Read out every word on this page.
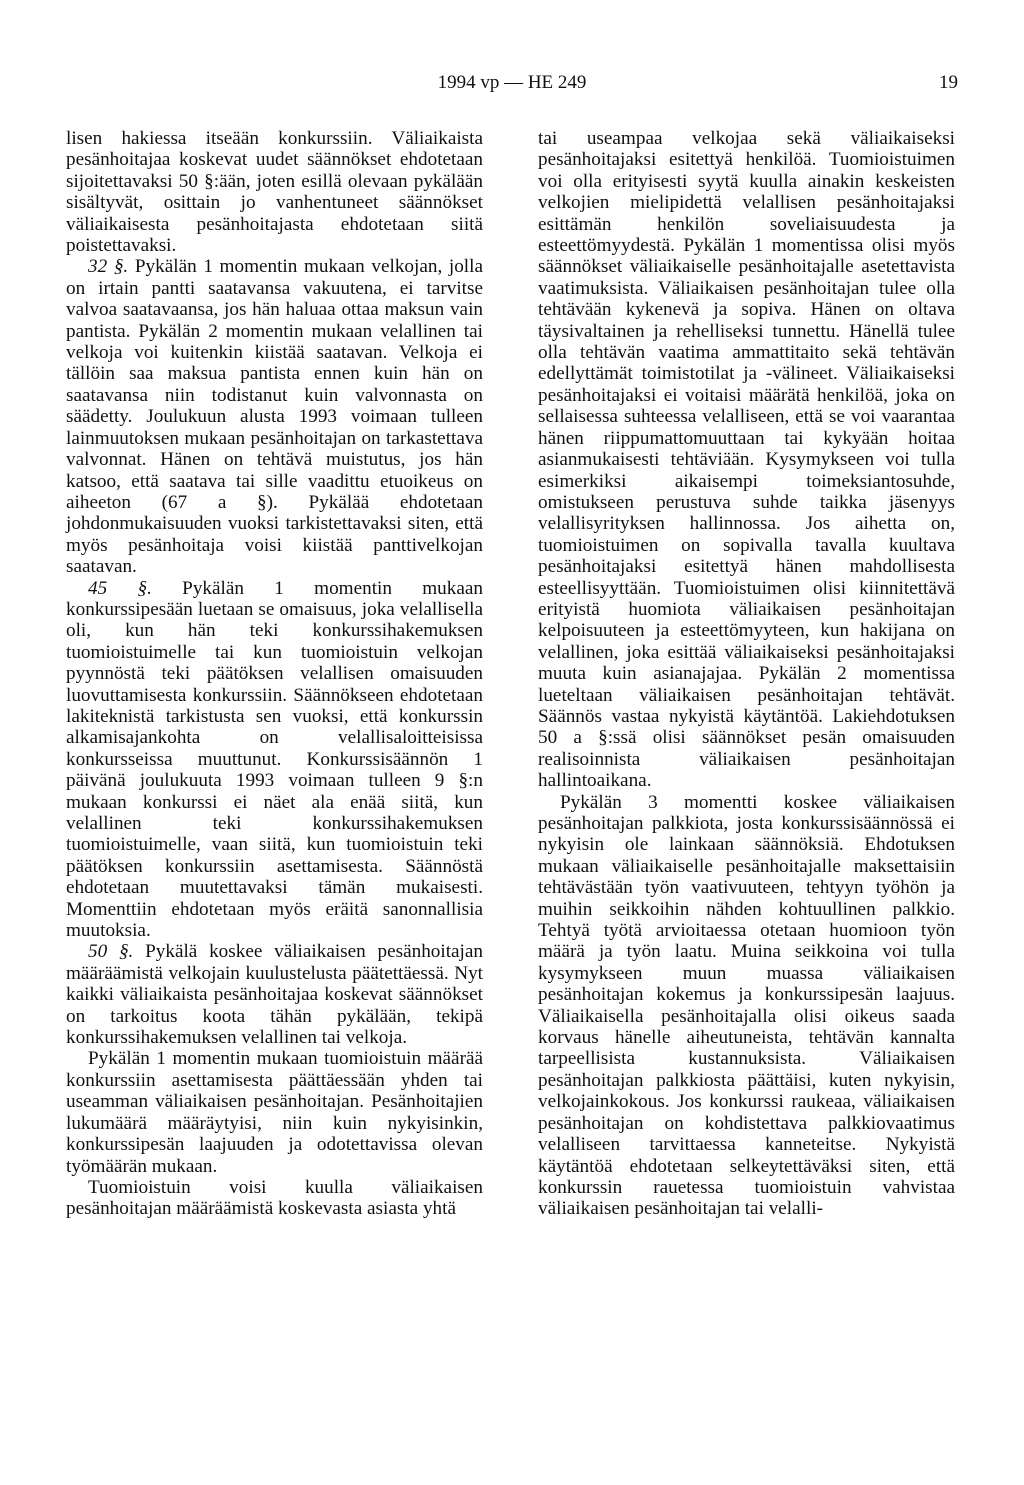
1994 vp — HE 249	19

lisen hakiessa itseään konkurssiin. Väliaikaista pesänhoitajaa koskevat uudet säännökset ehdotetaan sijoitettavaksi 50 §:ään, joten esillä olevaan pykälään sisältyvät, osittain jo vanhentuneet säännökset väliaikaisesta pesänhoitajasta ehdotetaan siitä poistettavaksi.

32 §. Pykälän 1 momentin mukaan velkojan, jolla on irtain pantti saatavansa vakuutena, ei tarvitse valvoa saatavaansa, jos hän haluaa ottaa maksun vain pantista. Pykälän 2 momentin mukaan velallinen tai velkoja voi kuitenkin kiistää saatavan. Velkoja ei tällöin saa maksua pantista ennen kuin hän on saatavansa niin todistanut kuin valvonnasta on säädetty. Joulukuun alusta 1993 voimaan tulleen lainmuutoksen mukaan pesänhoitajan on tarkastettava valvonnat. Hänen on tehtävä muistutus, jos hän katsoo, että saatava tai sille vaadittu etuoikeus on aiheeton (67 a §). Pykälää ehdotetaan johdonmukaisuuden vuoksi tarkistettavaksi siten, että myös pesänhoitaja voisi kiistää panttivelkojan saatavan.

45 §. Pykälän 1 momentin mukaan konkurssipesään luetaan se omaisuus, joka velallisella oli, kun hän teki konkurssihakemuksen tuomioistuimelle tai kun tuomioistuin velkojan pyynnöstä teki päätöksen velallisen omaisuuden luovuttamisesta konkurssiin. Säännökseen ehdotetaan lakiteknistä tarkistusta sen vuoksi, että konkurssin alkamisajankohta on velallisaloitteisissa konkursseissa muuttunut. Konkurssisäännön 1 päivänä joulukuuta 1993 voimaan tulleen 9 §:n mukaan konkurssi ei näet ala enää siitä, kun velallinen teki konkurssihakemuksen tuomioistuimelle, vaan siitä, kun tuomioistuin teki päätöksen konkurssiin asettamisesta. Säännöstä ehdotetaan muutettavaksi tämän mukaisesti. Momenttiin ehdotetaan myös eräitä sanonnallisia muutoksia.

50 §. Pykälä koskee väliaikaisen pesänhoitajan määräämistä velkojain kuulustelusta päätettäessä. Nyt kaikki väliaikaista pesänhoitajaa koskevat säännökset on tarkoitus koota tähän pykälään, tekipä konkurssihakemuksen velallinen tai velkoja.

Pykälän 1 momentin mukaan tuomioistuin määrää konkurssiin asettamisesta päättäessään yhden tai useamman väliaikaisen pesänhoitajan. Pesänhoitajien lukumäärä määräytyisi, niin kuin nykyisinkin, konkurssipesän laajuuden ja odotettavissa olevan työmäärän mukaan.

Tuomioistuin voisi kuulla väliaikaisen pesänhoitajan määräämistä koskevasta asiasta yhtä

tai useampaa velkojaa sekä väliaikaiseksi pesänhoitajaksi esitettyä henkilöä. Tuomioistuimen voi olla erityisesti syytä kuulla ainakin keskeisten velkojien mielipidettä velallisen pesänhoitajaksi esittämän henkilön soveliaisuudesta ja esteettömyydestä. Pykälän 1 momentissa olisi myös säännökset väliaikaiselle pesänhoitajalle asetettavista vaatimuksista. Väliaikaisen pesänhoitajan tulee olla tehtävään kykenevä ja sopiva. Hänen on oltava täysivaltainen ja rehelliseksi tunnettu. Hänellä tulee olla tehtävän vaatima ammattitaito sekä tehtävän edellyttämät toimistotilat ja -välineet. Väliaikaiseksi pesänhoitajaksi ei voitaisi määrätä henkilöä, joka on sellaisessa suhteessa velalliseen, että se voi vaarantaa hänen riippumattomuuttaan tai kykyään hoitaa asianmukaisesti tehtäviään. Kysymykseen voi tulla esimerkiksi aikaisempi toimeksiantosuhde, omistukseen perustuva suhde taikka jäsenyys velallisyrityksen hallinnossa. Jos aihetta on, tuomioistuimen on sopivalla tavalla kuultava pesänhoitajaksi esitettyä hänen mahdollisesta esteellisyyttään. Tuomioistuimen olisi kiinnitettävä erityistä huomiota väliaikaisen pesänhoitajan kelpoisuuteen ja esteettömyyteen, kun hakijana on velallinen, joka esittää väliaikaiseksi pesänhoitajaksi muuta kuin asianajajaa. Pykälän 2 momentissa lueteltaan väliaikaisen pesänhoitajan tehtävät. Säännös vastaa nykyistä käytäntöä. Lakiehdotuksen 50 a §:ssä olisi säännökset pesän omaisuuden realisoinnista väliaikaisen pesänhoitajan hallintoaikana.

Pykälän 3 momentti koskee väliaikaisen pesänhoitajan palkkiota, josta konkurssisäännössä ei nykyisin ole lainkaan säännöksiä. Ehdotuksen mukaan väliaikaiselle pesänhoitajalle maksettaisiin tehtävästään työn vaativuuteen, tehtyyn työhön ja muihin seikkoihin nähden kohtuullinen palkkio. Tehtyä työtä arvioitaessa otetaan huomioon työn määrä ja työn laatu. Muina seikkoina voi tulla kysymykseen muun muassa väliaikaisen pesänhoitajan kokemus ja konkurssipesän laajuus. Väliaikaisella pesänhoitajalla olisi oikeus saada korvaus hänelle aiheutuneista, tehtävän kannalta tarpeellisista kustannuksista. Väliaikaisen pesänhoitajan palkkiosta päättäisi, kuten nykyisin, velkojainkokous. Jos konkurssi raukeaa, väliaikaisen pesänhoitajan on kohdistettava palkkiovaatimus velalliseen tarvittaessa kanneteitse. Nykyistä käytäntöä ehdotetaan selkeytettäväksi siten, että konkurssin rauetessa tuomioistuin vahvistaa väliaikaisen pesänhoitajan tai velalli-
